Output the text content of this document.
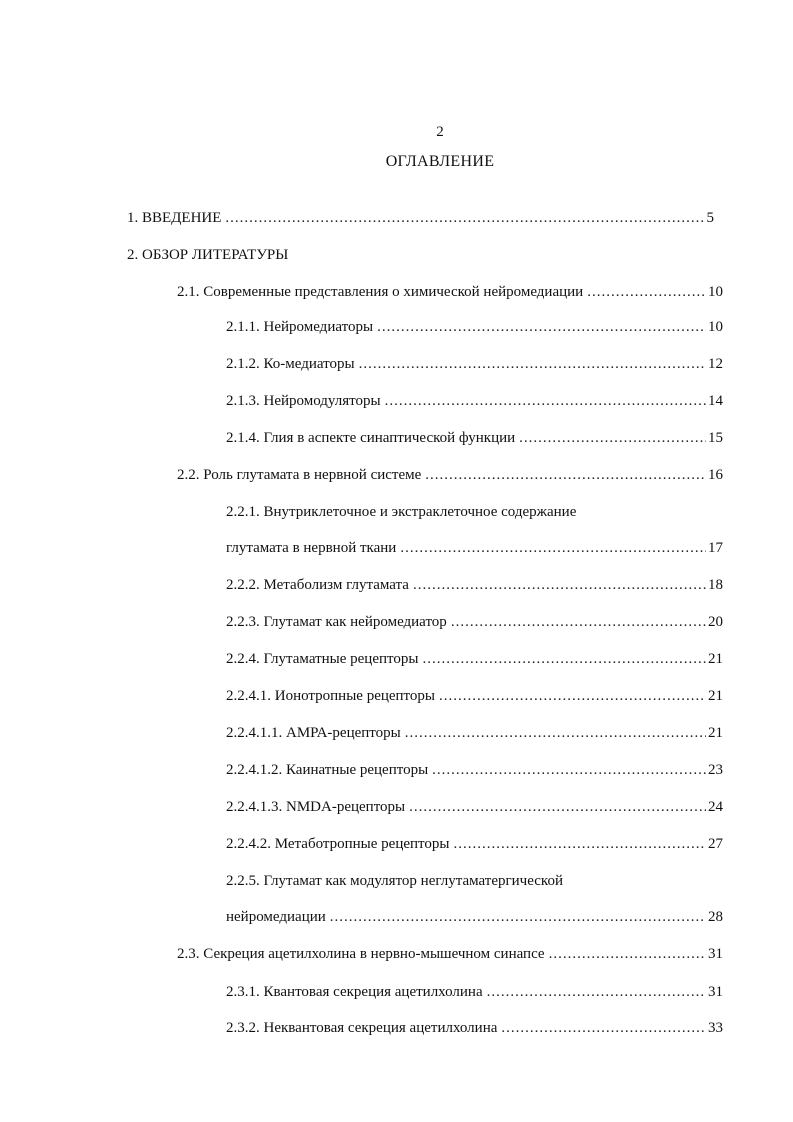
2
ОГЛАВЛЕНИЕ
1. ВВЕДЕНИЕ .....	5
2. ОБЗОР ЛИТЕРАТУРЫ
2.1. Современные представления о химической нейромедиации .....	10
2.1.1. Нейромедиаторы .....	10
2.1.2. Ко-медиаторы .....	12
2.1.3. Нейромодуляторы .....	14
2.1.4. Глия в аспекте синаптической функции .....	15
2.2. Роль глутамата в нервной системе .....	16
2.2.1. Внутриклеточное и экстраклеточное содержание
глутамата в нервной ткани .....	17
2.2.2. Метаболизм глутамата .....	18
2.2.3. Глутамат как нейромедиатор .....	20
2.2.4. Глутаматные рецепторы .....	21
2.2.4.1. Ионотропные рецепторы .....	21
2.2.4.1.1. АМРА-рецепторы .....	21
2.2.4.1.2. Каинатные рецепторы .....	23
2.2.4.1.3. NMDA-рецепторы .....	24
2.2.4.2. Метаботропные рецепторы .....	27
2.2.5. Глутамат как модулятор неглутаматергической
нейромедиации .....	28
2.3. Секреция ацетилхолина в нервно-мышечном синапсе .....	31
2.3.1. Квантовая секреция ацетилхолина .....	31
2.3.2. Неквантовая секреция ацетилхолина .....	33
